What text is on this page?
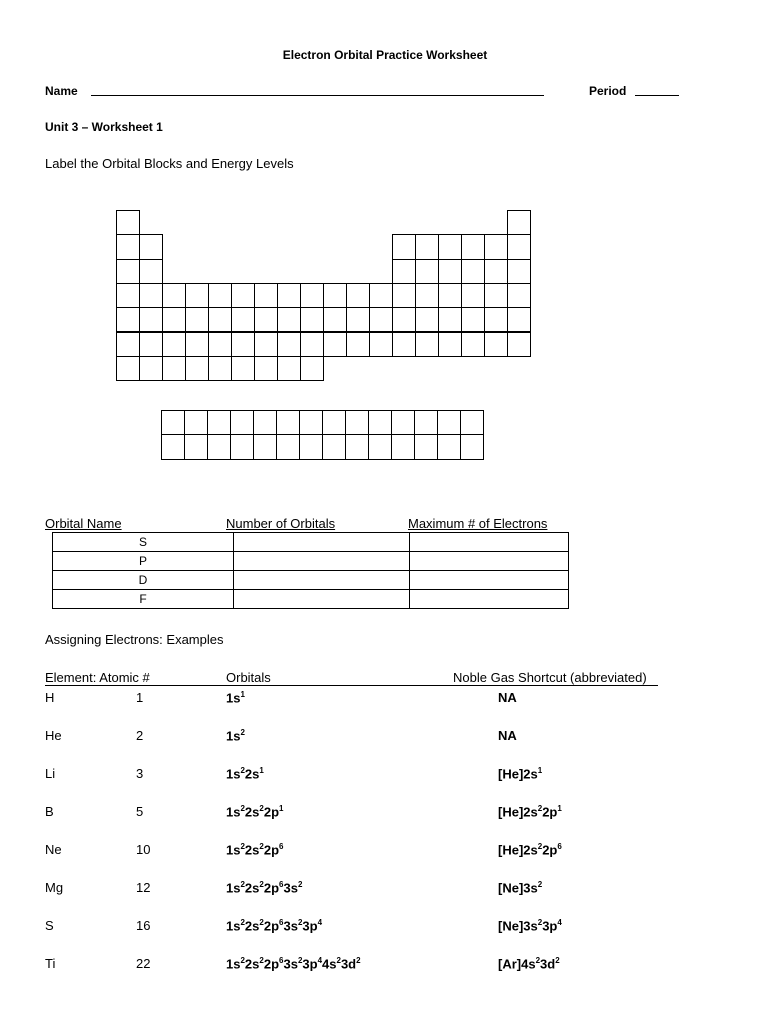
Electron Orbital Practice Worksheet
Name	Period
Unit 3 – Worksheet 1
Label the Orbital Blocks and Energy Levels
Orbital Name	Number of Orbitals	Maximum # of Electrons
S		
P		
D		
F		
Assigning Electrons: Examples
Element: Atomic #	Orbitals	Noble Gas Shortcut (abbreviated)
H	1	$1s^1$	NA
He	2	$1s^2$	NA
Li	3	$1s^22s^1$	$[He]2s^1$
B	5	$1s^22s^22p^1$	$[He]2s^22p^1$
Ne	10	$1s^22s^22p^6$	$[He]2s^22p^6$
Mg	12	$1s^22s^22p^63s^2$	$[Ne]3s^2$
S	16	$1s^22s^22p^63s^23p^4$	$[Ne]3s^23p^4$
Ti	22	$1s^22s^22p^63s^23p^44s^23d^2$	$[Ar]4s^23d^2$
